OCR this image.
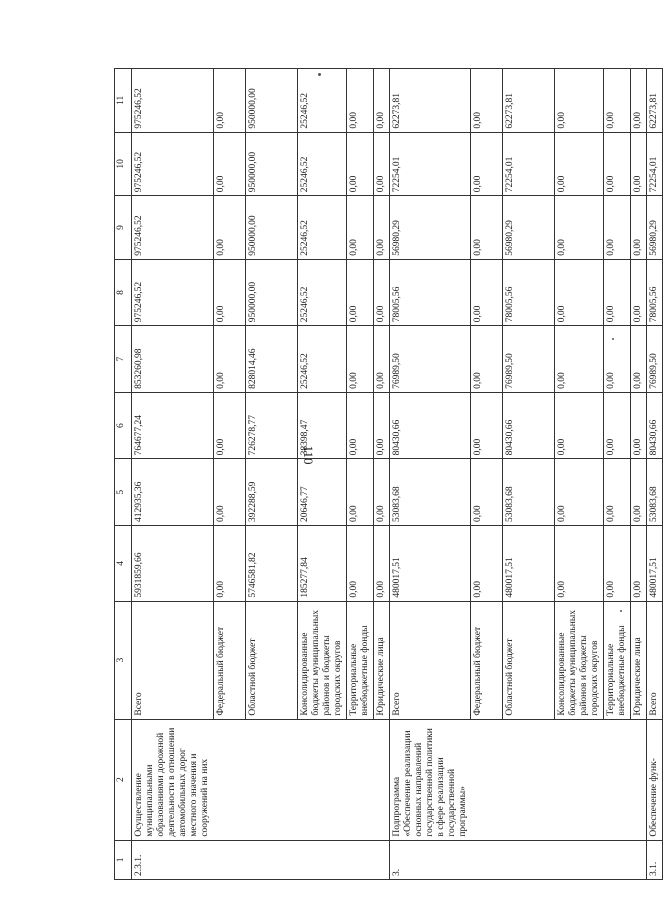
110
1	2	3	4	5	6	7	8	9	10	11
2.3.1.	Осуществление муниципальными образованиями дорожной деятельности в отношении автомобильных дорог местного значения и сооружений на них	Всего	5931859,66	412935,36	764677,24	853260,98	975246,52	975246,52	975246,52	975246,52
		Федеральный бюджет	0,00	0,00	0,00	0,00	0,00	0,00	0,00	0,00
		Областной бюджет	5746581,82	392288,59	726278,77	828014,46	950000,00	950000,00	950000,00	950000,00
		Консолидированные бюджеты муниципальных районов и бюджеты городских округов	185277,84	20646,77	38398,47	25246,52	25246,52	25246,52	25246,52	25246,52
		Территориальные внебюджетные фонды	0,00	0,00	0,00	0,00	0,00	0,00	0,00	0,00
		Юридические лица	0,00	0,00	0,00	0,00	0,00	0,00	0,00	0,00
3.	Подпрограмма «Обеспечение реализации основных направлений государственной политики в сфере реализации государственной программы»	Всего	480017,51	53083,68	80430,66	76989,50	78005,56	56980,29	72254,01	62273,81
		Федеральный бюджет	0,00	0,00	0,00	0,00	0,00	0,00	0,00	0,00
		Областной бюджет	480017,51	53083,68	80430,66	76989,50	78005,56	56980,29	72254,01	62273,81
		Консолидированные бюджеты муниципальных районов и бюджеты городских округов	0,00	0,00	0,00	0,00	0,00	0,00	0,00	0,00
		Территориальные внебюджетные фонды	0,00	0,00	0,00	0,00	0,00	0,00	0,00	0,00
		Юридические лица	0,00	0,00	0,00	0,00	0,00	0,00	0,00	0,00
3.1.	Обеспечение функ-	Всего	480017,51	53083,68	80430,66	76989,50	78005,56	56980,29	72254,01	62273,81
